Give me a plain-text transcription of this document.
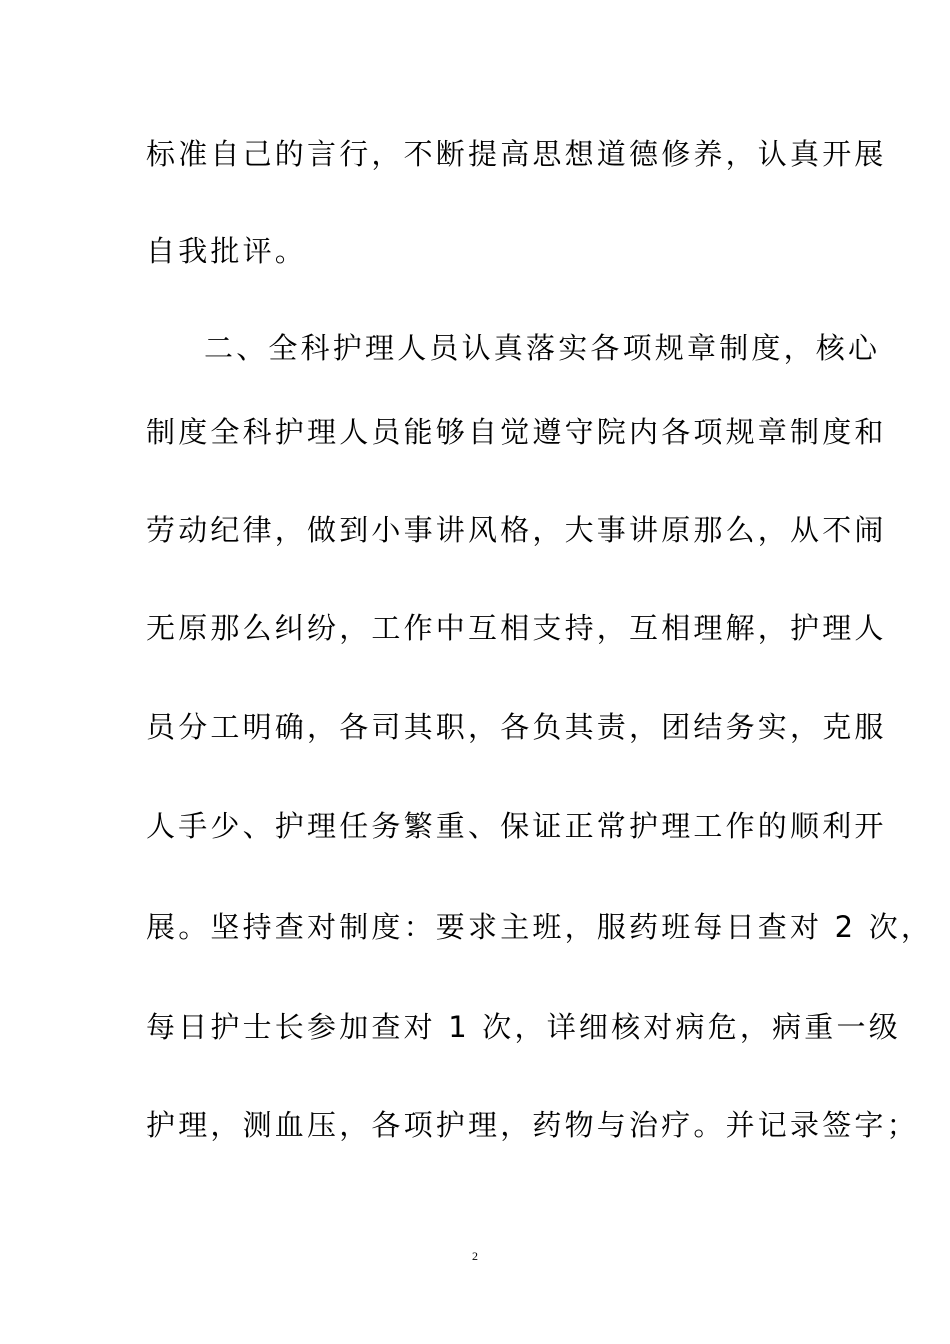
标准自己的言行，不断提高思想道德修养，认真开展
自我批评。
二、全科护理人员认真落实各项规章制度，核心
制度全科护理人员能够自觉遵守院内各项规章制度和
劳动纪律，做到小事讲风格，大事讲原那么，从不闹
无原那么纠纷，工作中互相支持，互相理解，护理人
员分工明确，各司其职，各负其责，团结务实，克服
人手少、护理任务繁重、保证正常护理工作的顺利开
展。坚持查对制度：要求主班，服药班每日查对 2 次，
每日护士长参加查对 1 次，详细核对病危，病重一级
护理，测血压，各项护理，药物与治疗。并记录签字；
2
